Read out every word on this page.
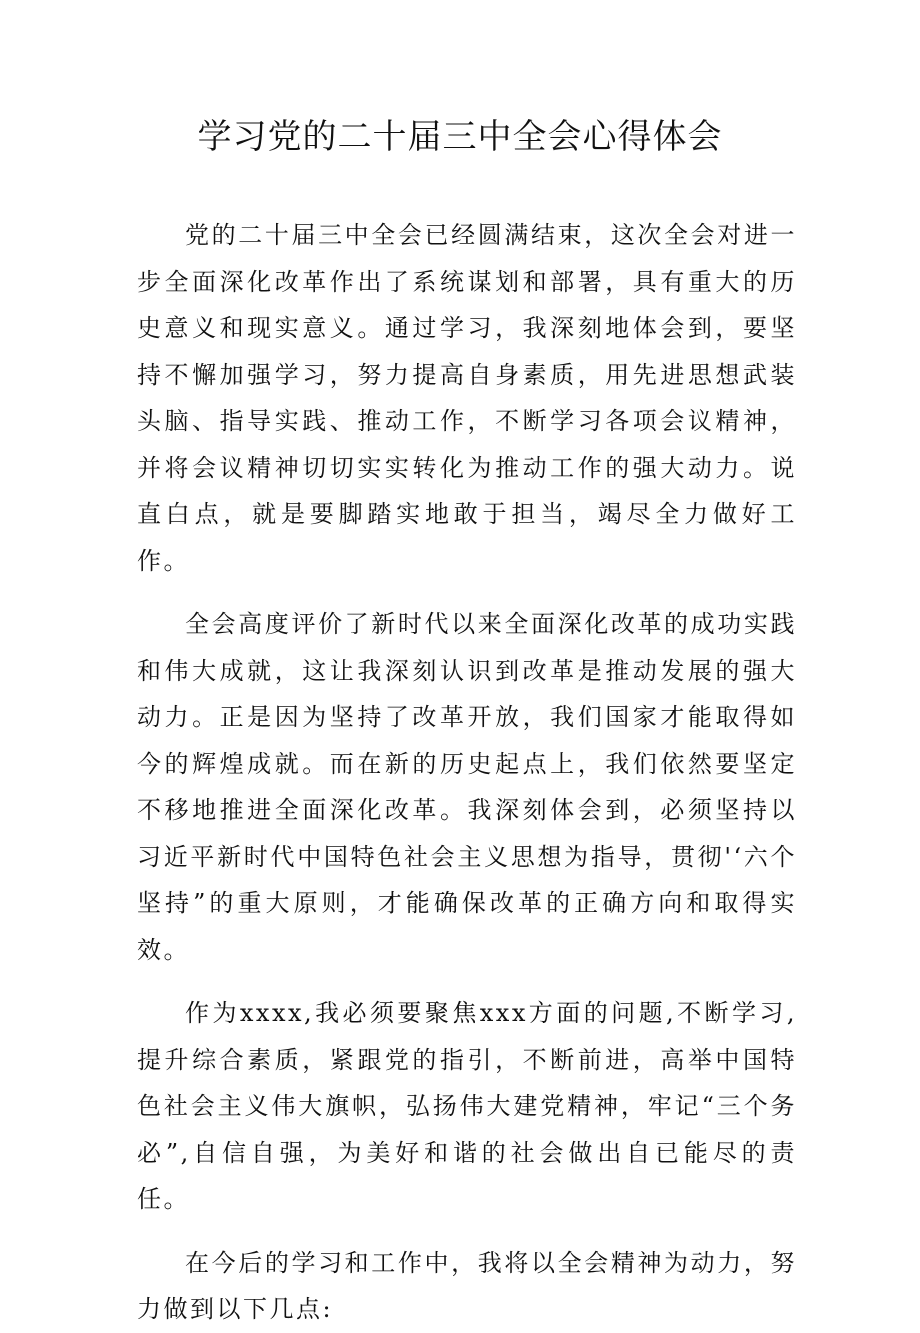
学习党的二十届三中全会心得体会

党的二十届三中全会已经圆满结束，这次全会对进一步全面深化改革作出了系统谋划和部署，具有重大的历史意义和现实意义。通过学习，我深刻地体会到，要坚持不懈加强学习，努力提高自身素质，用先进思想武装头脑、指导实践、推动工作，不断学习各项会议精神，并将会议精神切切实实转化为推动工作的强大动力。说直白点，就是要脚踏实地敢于担当，竭尽全力做好工作。

全会高度评价了新时代以来全面深化改革的成功实践和伟大成就，这让我深刻认识到改革是推动发展的强大动力。正是因为坚持了改革开放，我们国家才能取得如今的辉煌成就。而在新的历史起点上，我们依然要坚定不移地推进全面深化改革。我深刻体会到，必须坚持以习近平新时代中国特色社会主义思想为指导，贯彻'‘六个坚持”的重大原则，才能确保改革的正确方向和取得实效。

作为xxxx,我必须要聚焦xxx方面的问题,不断学习,提升综合素质，紧跟党的指引，不断前进，高举中国特色社会主义伟大旗帜，弘扬伟大建党精神，牢记“三个务必”,自信自强，为美好和谐的社会做出自已能尽的责任。

在今后的学习和工作中，我将以全会精神为动力，努力做到以下几点:
